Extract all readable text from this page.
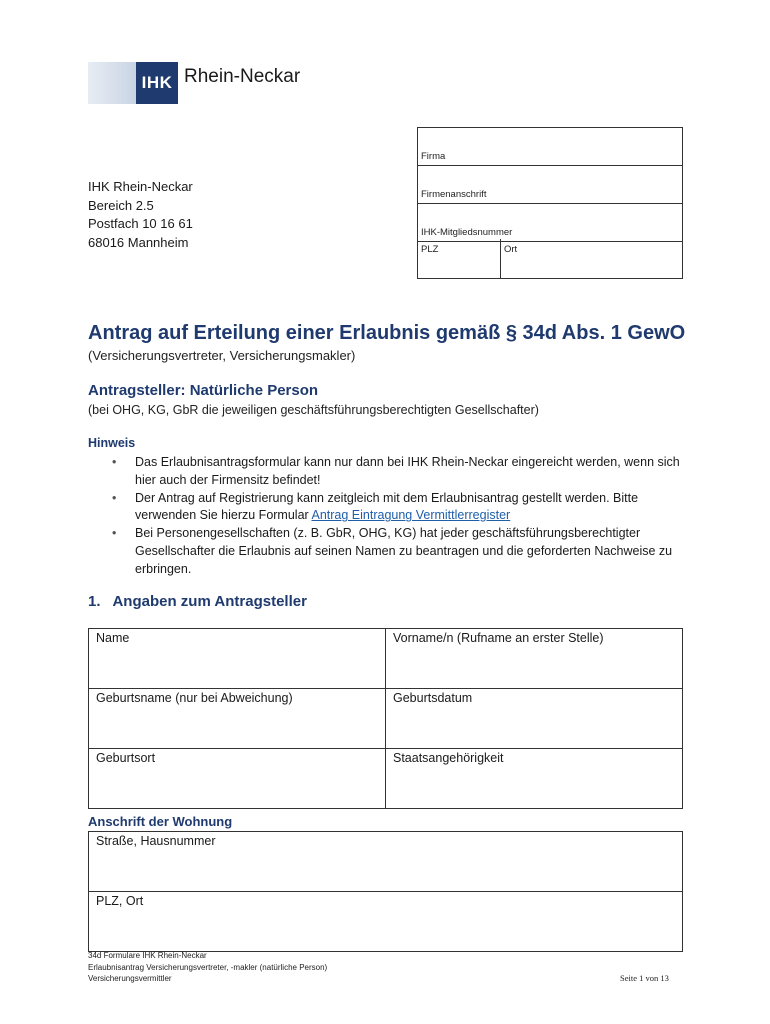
IHK Rhein-Neckar
IHK Rhein-Neckar
Bereich 2.5
Postfach 10 16 61
68016 Mannheim
Firma
Firmenanschrift
IHK-Mitgliedsnummer
PLZ	Ort
Antrag auf Erteilung einer Erlaubnis gemäß § 34d Abs. 1 GewO
(Versicherungsvertreter, Versicherungsmakler)
Antragsteller: Natürliche Person
(bei OHG, KG, GbR die jeweiligen geschäftsführungsberechtigten Gesellschafter)
Hinweis
• Das Erlaubnisantragsformular kann nur dann bei IHK Rhein-Neckar eingereicht werden, wenn sich hier auch der Firmensitz befindet!
• Der Antrag auf Registrierung kann zeitgleich mit dem Erlaubnisantrag gestellt werden. Bitte verwenden Sie hierzu Formular Antrag Eintragung Vermittlerregister
• Bei Personengesellschaften (z. B. GbR, OHG, KG) hat jeder geschäftsführungsberechtigter Gesellschafter die Erlaubnis auf seinen Namen zu beantragen und die geforderten Nachweise zu erbringen.
1.   Angaben zum Antragsteller
Name	Vorname/n (Rufname an erster Stelle)
Geburtsname (nur bei Abweichung)	Geburtsdatum
Geburtsort	Staatsangehörigkeit
Anschrift der Wohnung
Straße, Hausnummer
PLZ, Ort
34d Formulare IHK Rhein-Neckar
Erlaubnisantrag Versicherungsvertreter, -makler (natürliche Person)
Versicherungsvermittler	Seite 1 von 13
